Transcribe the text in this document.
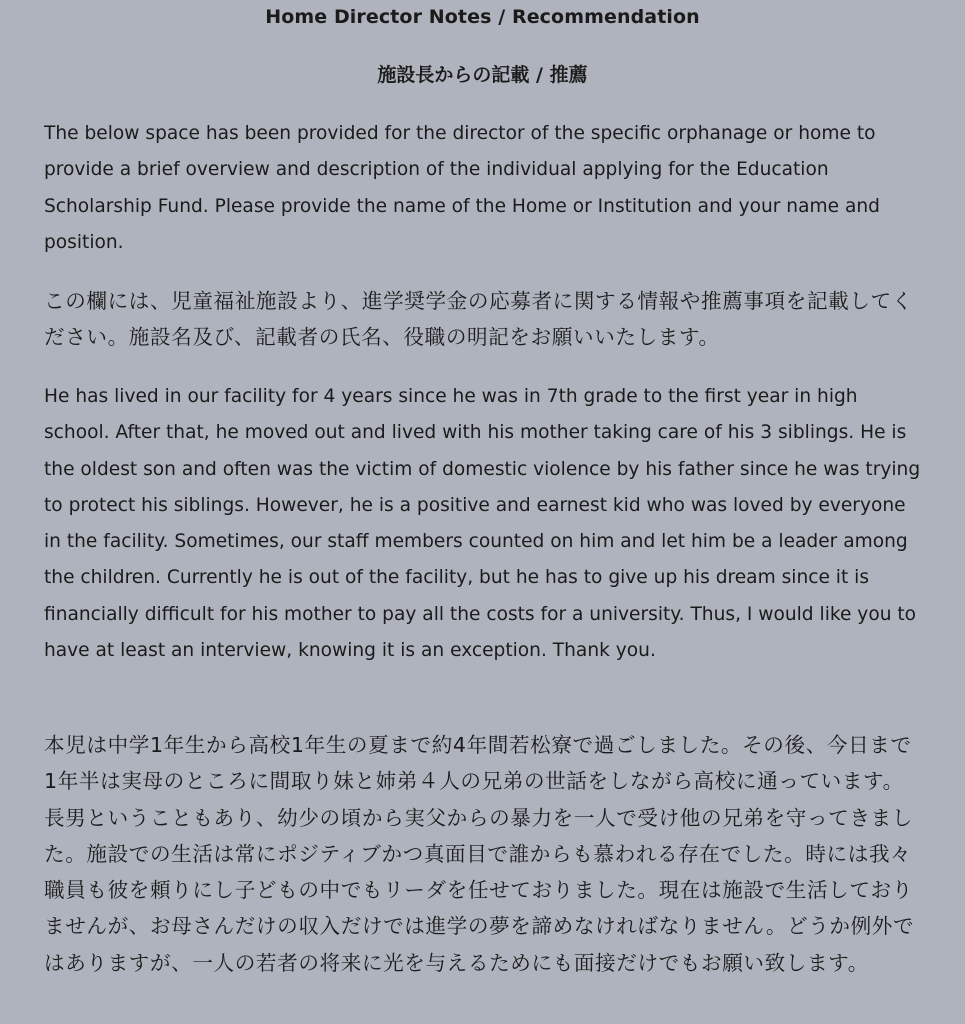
Home Director Notes / Recommendation
施設長からの記載 / 推薦

The below space has been provided for the director of the specific orphanage or home to provide a brief overview and description of the individual applying for the Education Scholarship Fund. Please provide the name of the Home or Institution and your name and position.

この欄には、児童福祉施設より、進学奨学金の応募者に関する情報や推薦事項を記載してください。施設名及び、記載者の氏名、役職の明記をお願いいたします。

He has lived in our facility for 4 years since he was in 7th grade to the first year in high school. After that, he moved out and lived with his mother taking care of his 3 siblings. He is the oldest son and often was the victim of domestic violence by his father since he was trying to protect his siblings. However, he is a positive and earnest kid who was loved by everyone in the facility. Sometimes, our staff members counted on him and let him be a leader among the children. Currently he is out of the facility, but he has to give up his dream since it is financially difficult for his mother to pay all the costs for a university. Thus, I would like you to have at least an interview, knowing it is an exception. Thank you.

本児は中学1年生から高校1年生の夏まで約4年間若松寮で過ごしました。その後、今日まで1年半は実母のところに間取り妹と姉弟４人の兄弟の世話をしながら高校に通っています。長男ということもあり、幼少の頃から実父からの暴力を一人で受け他の兄弟を守ってきました。施設での生活は常にポジティブかつ真面目で誰からも慕われる存在でした。時には我々職員も彼を頼りにし子どもの中でもリーダを任せておりました。現在は施設で生活しておりませんが、お母さんだけの収入だけでは進学の夢を諦めなければなりません。どうか例外ではありますが、一人の若者の将来に光を与えるためにも面接だけでもお願い致します。
